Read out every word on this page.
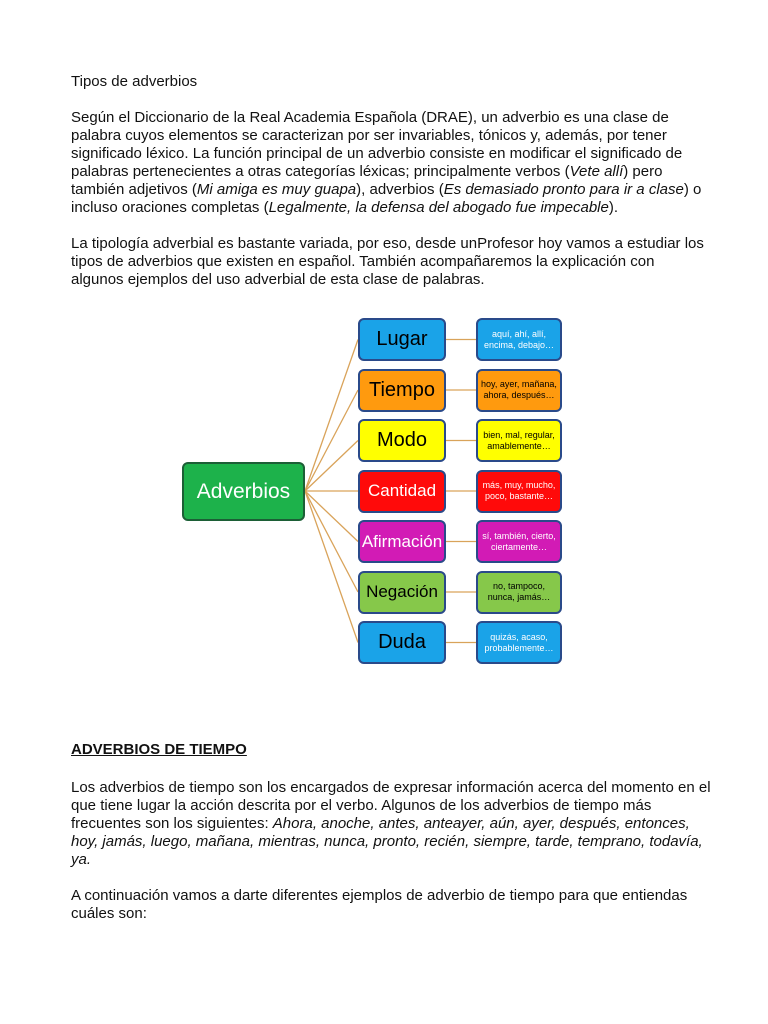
Tipos de adverbios

Según el Diccionario de la Real Academia Española (DRAE), un adverbio es una clase de palabra cuyos elementos se caracterizan por ser invariables, tónicos y, además, por tener significado léxico. La función principal de un adverbio consiste en modificar el significado de palabras pertenecientes a otras categorías léxicas; principalmente verbos (Vete allí) pero también adjetivos (Mi amiga es muy guapa), adverbios (Es demasiado pronto para ir a clase) o incluso oraciones completas (Legalmente, la defensa del abogado fue impecable).

La tipología adverbial es bastante variada, por eso, desde unProfesor hoy vamos a estudiar los tipos de adverbios que existen en español. También acompañaremos la explicación con algunos ejemplos del uso adverbial de esta clase de palabras.

Adverbios
Lugar	aquí, ahí, allí, encima, debajo…
Tiempo	hoy, ayer, mañana, ahora, después…
Modo	bien, mal, regular, amablemente…
Cantidad	más, muy, mucho, poco, bastante…
Afirmación	sí, también, cierto, ciertamente…
Negación	no, tampoco, nunca, jamás…
Duda	quizás, acaso, probablemente…

ADVERBIOS DE TIEMPO

Los adverbios de tiempo son los encargados de expresar información acerca del momento en el que tiene lugar la acción descrita por el verbo. Algunos de los adverbios de tiempo más frecuentes son los siguientes: Ahora, anoche, antes, anteayer, aún, ayer, después, entonces, hoy, jamás, luego, mañana, mientras, nunca, pronto, recién, siempre, tarde, temprano, todavía, ya.

A continuación vamos a darte diferentes ejemplos de adverbio de tiempo para que entiendas cuáles son:
